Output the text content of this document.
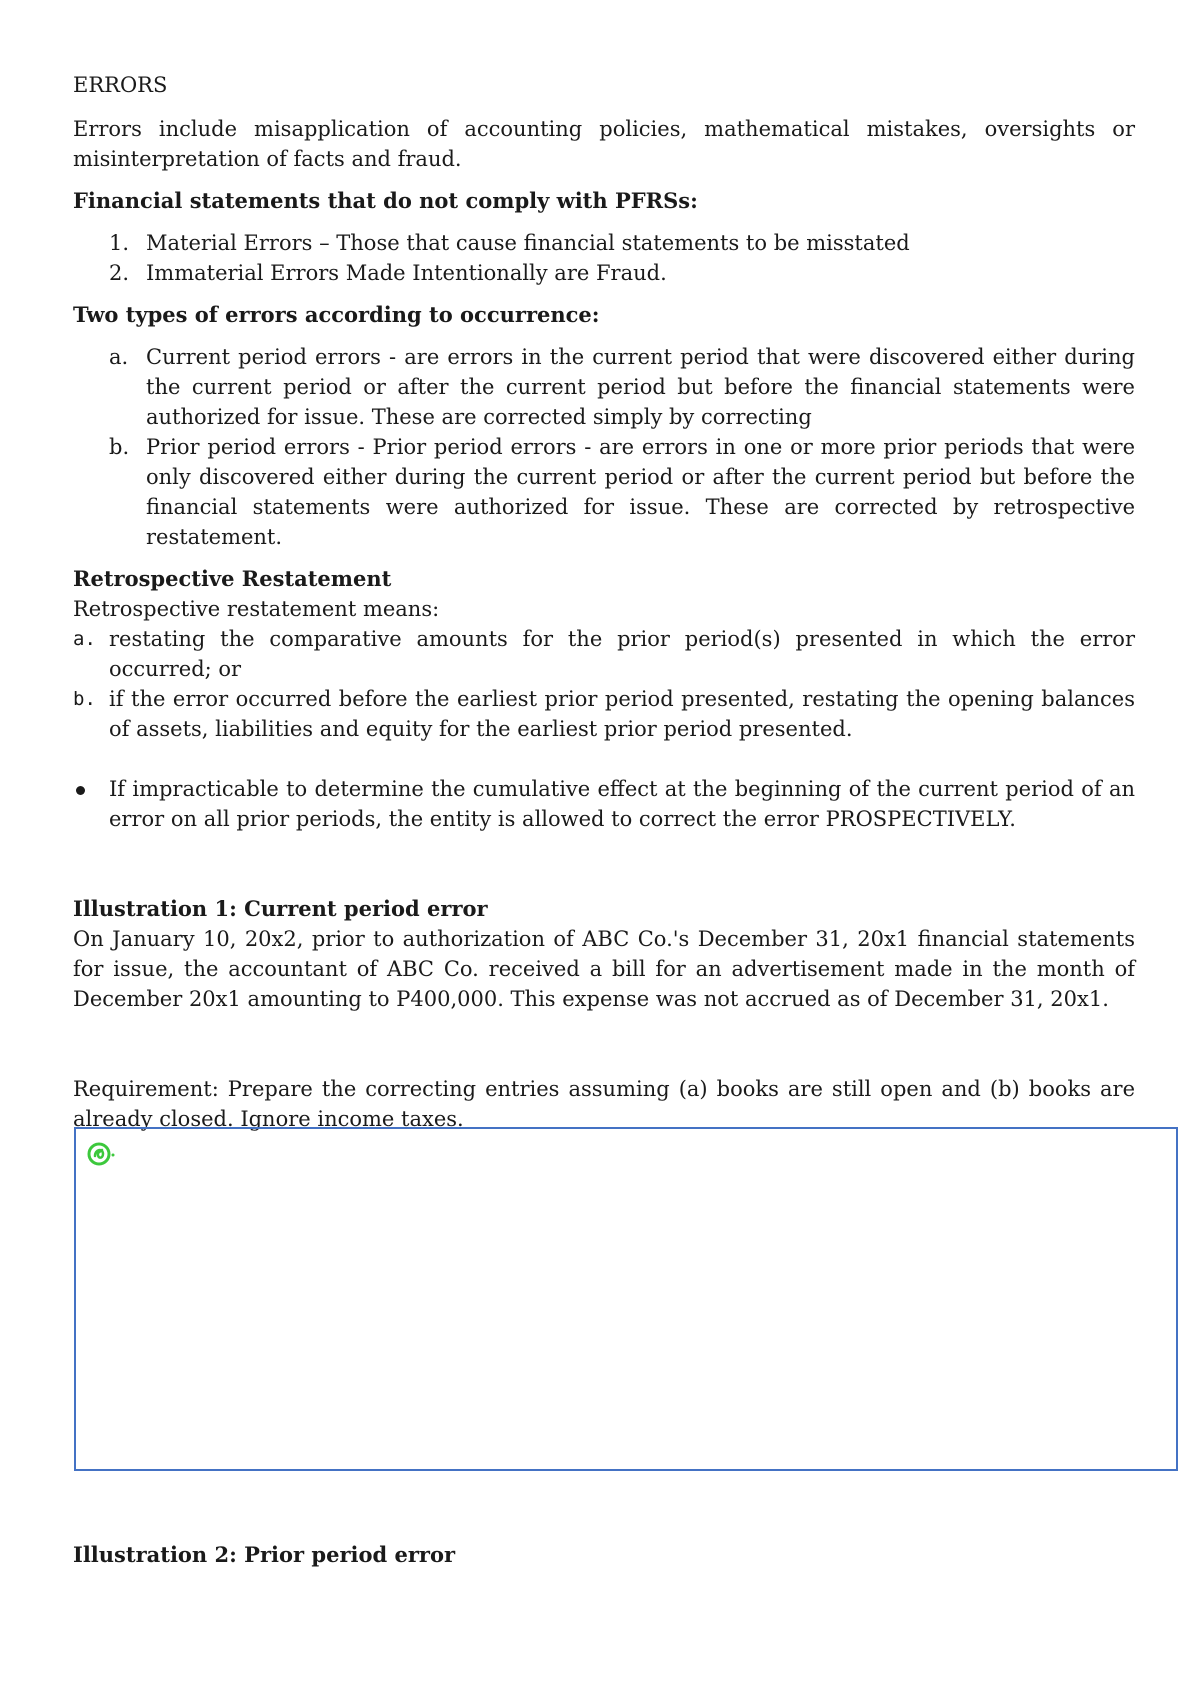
ERRORS

Errors include misapplication of accounting policies, mathematical mistakes, oversights or misinterpretation of facts and fraud.

Financial statements that do not comply with PFRSs:

1. Material Errors – Those that cause financial statements to be misstated
2. Immaterial Errors Made Intentionally are Fraud.

Two types of errors according to occurrence:

a. Current period errors - are errors in the current period that were discovered either during the current period or after the current period but before the financial statements were authorized for issue. These are corrected simply by correcting
b. Prior period errors - Prior period errors - are errors in one or more prior periods that were only discovered either during the current period or after the current period but before the financial statements were authorized for issue. These are corrected by retrospective restatement.

Retrospective Restatement

Retrospective restatement means:

a. restating the comparative amounts for the prior period(s) presented in which the error occurred; or
b. if the error occurred before the earliest prior period presented, restating the opening balances of assets, liabilities and equity for the earliest prior period presented.
If impracticable to determine the cumulative effect at the beginning of the current period of an error on all prior periods, the entity is allowed to correct the error PROSPECTIVELY.

Illustration 1: Current period error

On January 10, 20x2, prior to authorization of ABC Co.'s December 31, 20x1 financial statements for issue, the accountant of ABC Co. received a bill for an advertisement made in the month of December 20x1 amounting to P400,000. This expense was not accrued as of December 31, 20x1.

Requirement: Prepare the correcting entries assuming (a) books are still open and (b) books are already closed. Ignore income taxes.

Illustration 2: Prior period error
